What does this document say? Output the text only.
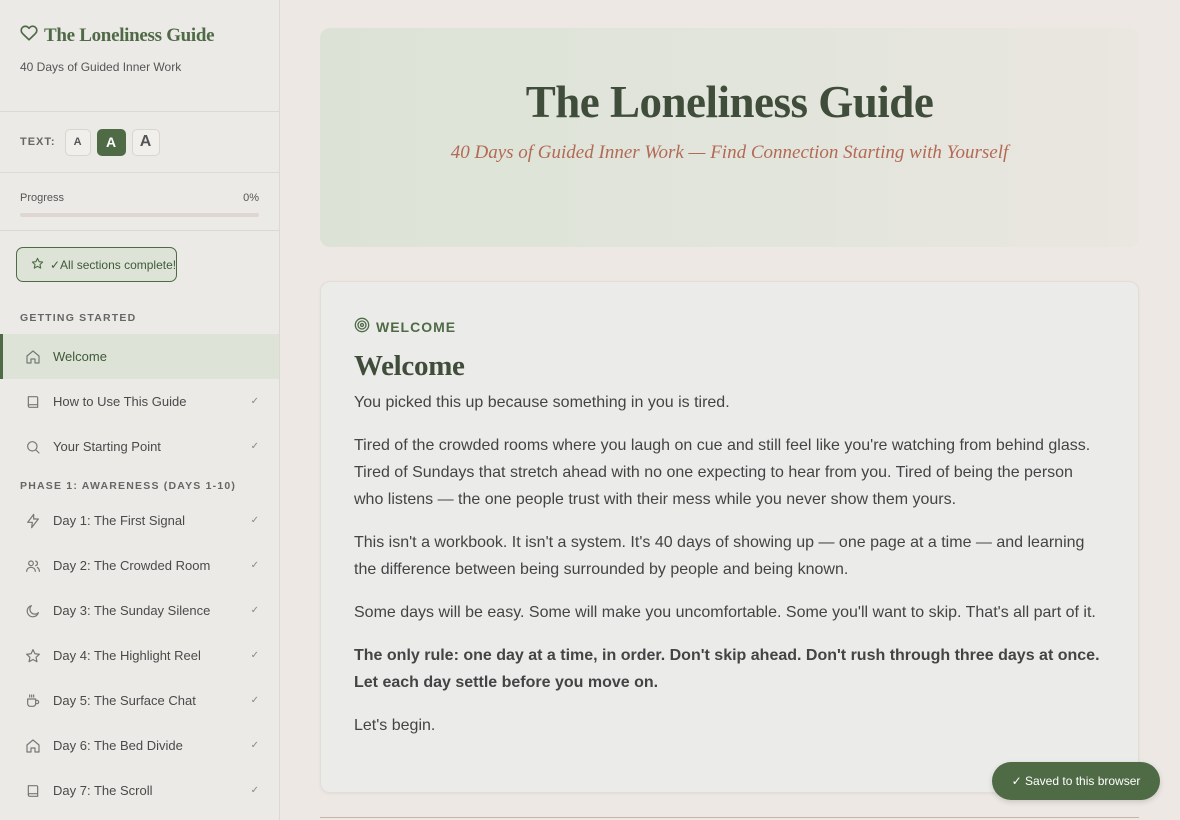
The Loneliness Guide
40 Days of Guided Inner Work
TEXT:	A	A	A
Progress	0%
✓All sections complete!
GETTING STARTED
Welcome
How to Use This Guide	✓
Your Starting Point	✓
PHASE 1: AWARENESS (DAYS 1-10)
Day 1: The First Signal	✓
Day 2: The Crowded Room	✓
Day 3: The Sunday Silence	✓
Day 4: The Highlight Reel	✓
Day 5: The Surface Chat	✓
Day 6: The Bed Divide	✓
Day 7: The Scroll	✓
The Loneliness Guide
40 Days of Guided Inner Work — Find Connection Starting with Yourself
WELCOME
Welcome

You picked this up because something in you is tired.

Tired of the crowded rooms where you laugh on cue and still feel like you're watching from behind glass. Tired of Sundays that stretch ahead with no one expecting to hear from you. Tired of being the person who listens — the one people trust with their mess while you never show them yours.

This isn't a workbook. It isn't a system. It's 40 days of showing up — one page at a time — and learning the difference between being surrounded by people and being known.

Some days will be easy. Some will make you uncomfortable. Some you'll want to skip. That's all part of it.

The only rule: one day at a time, in order. Don't skip ahead. Don't rush through three days at once. Let each day settle before you move on.

Let's begin.

✓ Saved to this browser
